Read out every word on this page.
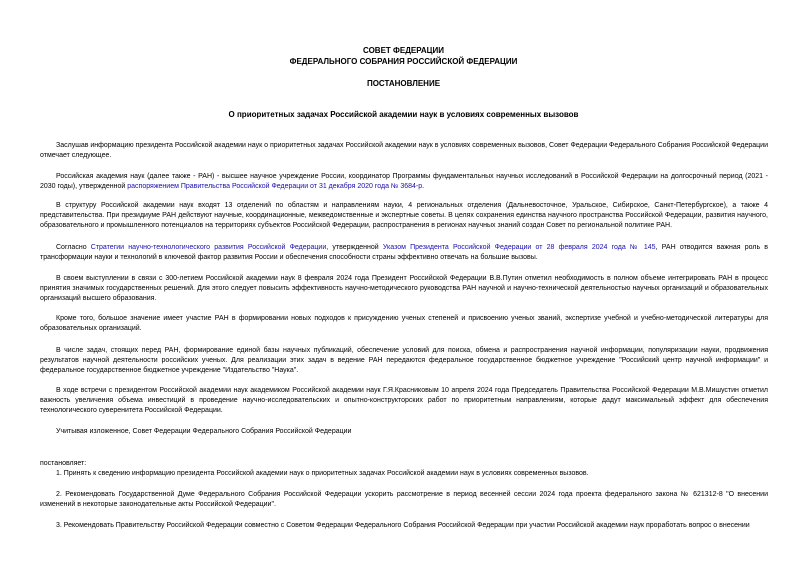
СОВЕТ ФЕДЕРАЦИИ

ФЕДЕРАЛЬНОГО СОБРАНИЯ РОССИЙСКОЙ ФЕДЕРАЦИИ

ПОСТАНОВЛЕНИЕ

О приоритетных задачах Российской академии наук в условиях современных вызовов

Заслушав информацию президента Российской академии наук о приоритетных задачах Российской академии наук в условиях современных вызовов, Совет Федерации Федерального Собрания Российской Федерации отмечает следующее.

Российская академия наук (далее также - РАН) - высшее научное учреждение России, координатор Программы фундаментальных научных исследований в Российской Федерации на долгосрочный период (2021 - 2030 годы), утвержденной распоряжением Правительства Российской Федерации от 31 декабря 2020 года № 3684-р.

В структуру Российской академии наук входят 13 отделений по областям и направлениям науки, 4 региональных отделения (Дальневосточное, Уральское, Сибирское, Санкт-Петербургское), а также 4 представительства. При президиуме РАН действуют научные, координационные, межведомственные и экспертные советы. В целях сохранения единства научного пространства Российской Федерации, развития научного, образовательного и промышленного потенциалов на территориях субъектов Российской Федерации, распространения в регионах научных знаний создан Совет по региональной политике РАН.

Согласно Стратегии научно-технологического развития Российской Федерации, утвержденной Указом Президента Российской Федерации от 28 февраля 2024 года № 145, РАН отводится важная роль в трансформации науки и технологий в ключевой фактор развития России и обеспечения способности страны эффективно отвечать на большие вызовы.

В своем выступлении в связи с 300-летием Российской академии наук 8 февраля 2024 года Президент Российской Федерации В.В.Путин отметил необходимость в полном объеме интегрировать РАН в процесс принятия значимых государственных решений. Для этого следует повысить эффективность научно-методического руководства РАН научной и научно-технической деятельностью научных организаций и образовательных организаций высшего образования.

Кроме того, большое значение имеет участие РАН в формировании новых подходов к присуждению ученых степеней и присвоению ученых званий, экспертизе учебной и учебно-методической литературы для образовательных организаций.

В числе задач, стоящих перед РАН, формирование единой базы научных публикаций, обеспечение условий для поиска, обмена и распространения научной информации, популяризации науки, продвижения результатов научной деятельности российских ученых. Для реализации этих задач в ведение РАН передаются федеральное государственное бюджетное учреждение "Российский центр научной информации" и федеральное государственное бюджетное учреждение "Издательство "Наука".

В ходе встречи с президентом Российской академии наук академиком Российской академии наук Г.Я.Красниковым 10 апреля 2024 года Председатель Правительства Российской Федерации М.В.Мишустин отметил важность увеличения объема инвестиций в проведение научно-исследовательских и опытно-конструкторских работ по приоритетным направлениям, которые дадут максимальный эффект для обеспечения технологического суверенитета Российской Федерации.

Учитывая изложенное, Совет Федерации Федерального Собрания Российской Федерации

постановляет:

1. Принять к сведению информацию президента Российской академии наук о приоритетных задачах Российской академии наук в условиях современных вызовов.

2. Рекомендовать Государственной Думе Федерального Собрания Российской Федерации ускорить рассмотрение в период весенней сессии 2024 года проекта федерального закона № 621312-8 "О внесении изменений в некоторые законодательные акты Российской Федерации".

3. Рекомендовать Правительству Российской Федерации совместно с Советом Федерации Федерального Собрания Российской Федерации при участии Российской академии наук проработать вопрос о внесении
